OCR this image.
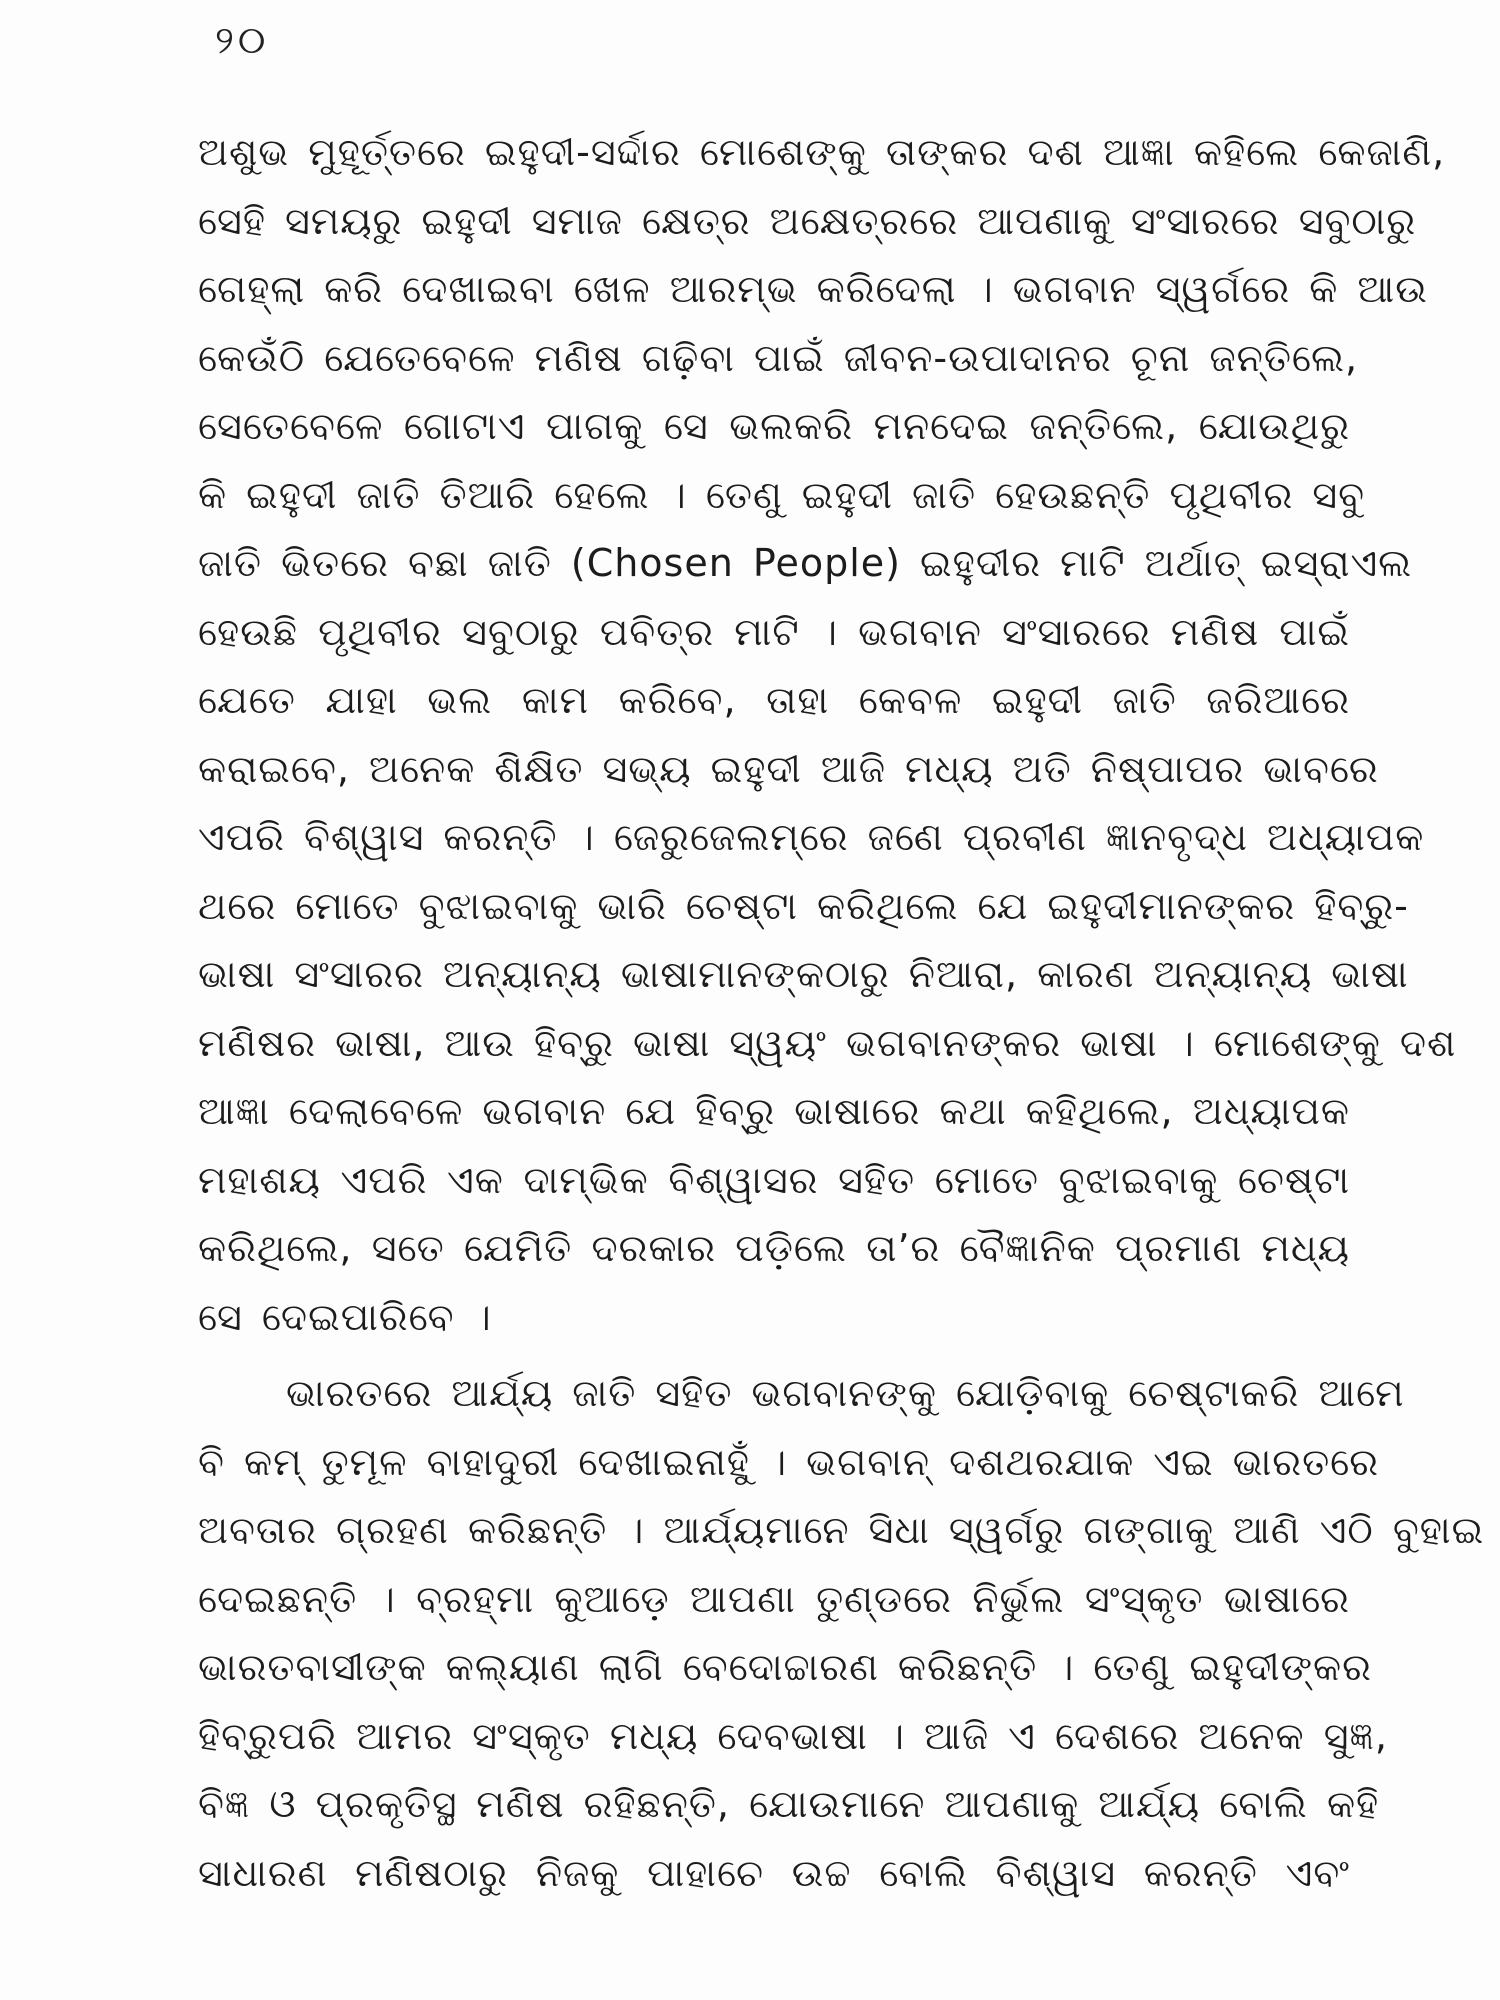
୨୦
ଅଶୁଭ ମୁହୂର୍ତ୍ତରେ ଇହୁଦୀ-ସର୍ଦ୍ଦାର ମୋଶେଙ୍କୁ ତାଙ୍କର ଦଶ ଆଜ୍ଞା କହିଲେ କେଜାଣି,
ସେହି ସମୟରୁ ଇହୁଦୀ ସମାଜ କ୍ଷେତ୍ର ଅକ୍ଷେତ୍ରରେ ଆପଣାକୁ ସଂସାରରେ ସବୁଠାରୁ
ଗେହ୍ଲା କରି ଦେଖାଇବା ଖେଳ ଆରମ୍ଭ କରିଦେଲା । ଭଗବାନ ସ୍ୱର୍ଗରେ କି ଆଉ
କେଉଁଠି ଯେତେବେଳେ ମଣିଷ ଗଢ଼ିବା ପାଇଁ ଜୀବନ-ଉପାଦାନର ଚୂନା ଜନ୍ତିଲେ,
ସେତେବେଳେ ଗୋଟାଏ ପାଗକୁ ସେ ଭଲକରି ମନଦେଇ ଜନ୍ତିଲେ, ଯୋଉଥିରୁ
କି ଇହୁଦୀ ଜାତି ତିଆରି ହେଲେ । ତେଣୁ ଇହୁଦୀ ଜାତି ହେଉଛନ୍ତି ପୃଥିବୀର ସବୁ
ଜାତି ଭିତରେ ବଛା ଜାତି (Chosen People) ଇହୁଦୀର ମାଟି ଅର୍ଥାତ୍ ଇସ୍ରାଏଲ
ହେଉଛି ପୃଥିବୀର ସବୁଠାରୁ ପବିତ୍ର ମାଟି । ଭଗବାନ ସଂସାରରେ ମଣିଷ ପାଇଁ
ଯେତେ ଯାହା ଭଲ କାମ କରିବେ, ତାହା କେବଳ ଇହୁଦୀ ଜାତି ଜରିଆରେ
କରାଇବେ, ଅନେକ ଶିକ୍ଷିତ ସଭ୍ୟ ଇହୁଦୀ ଆଜି ମଧ୍ୟ ଅତି ନିଷ୍ପାପର ଭାବରେ
ଏପରି ବିଶ୍ୱାସ କରନ୍ତି । ଜେରୁଜେଲମ୍‌ରେ ଜଣେ ପ୍ରବୀଣ ଜ୍ଞାନବୃଦ୍ଧ ଅଧ୍ୟାପକ
ଥରେ ମୋତେ ବୁଝାଇବାକୁ ଭାରି ଚେଷ୍ଟା କରିଥିଲେ ଯେ ଇହୁଦୀମାନଙ୍କର ହିବ୍ରୁ-
ଭାଷା ସଂସାରର ଅନ୍ୟାନ୍ୟ ଭାଷାମାନଙ୍କଠାରୁ ନିଆରା, କାରଣ ଅନ୍ୟାନ୍ୟ ଭାଷା
ମଣିଷର ଭାଷା, ଆଉ ହିବ୍ରୁ ଭାଷା ସ୍ୱୟଂ ଭଗବାନଙ୍କର ଭାଷା । ମୋଶେଙ୍କୁ ଦଶ
ଆଜ୍ଞା ଦେଲାବେଳେ ଭଗବାନ ଯେ ହିବ୍ରୁ ଭାଷାରେ କଥା କହିଥିଲେ, ଅଧ୍ୟାପକ
ମହାଶୟ ଏପରି ଏକ ଦାମ୍ଭିକ ବିଶ୍ୱାସର ସହିତ ମୋତେ ବୁଝାଇବାକୁ ଚେଷ୍ଟା
କରିଥିଲେ, ସତେ ଯେମିତି ଦରକାର ପଡ଼ିଲେ ତା’ର ବୈଜ୍ଞାନିକ ପ୍ରମାଣ ମଧ୍ୟ
ସେ ଦେଇପାରିବେ ।
ଭାରତରେ ଆର୍ଯ୍ୟ ଜାତି ସହିତ ଭଗବାନଙ୍କୁ ଯୋଡ଼ିବାକୁ ଚେଷ୍ଟାକରି ଆମେ
ବି କମ୍ ତୁମୂଳ ବାହାଦୁରୀ ଦେଖାଇନାହୁଁ । ଭଗବାନ୍ ଦଶଥରଯାକ ଏଇ ଭାରତରେ
ଅବତାର ଗ୍ରହଣ କରିଛନ୍ତି । ଆର୍ଯ୍ୟମାନେ ସିଧା ସ୍ୱର୍ଗରୁ ଗଙ୍ଗାକୁ ଆଣି ଏଠି ବୁହାଇ
ଦେଇଛନ୍ତି । ବ୍ରହ୍ମା କୁଆଡ଼େ ଆପଣା ତୁଣ୍ଡରେ ନିର୍ଭୁଲ ସଂସ୍କୃତ ଭାଷାରେ
ଭାରତବାସୀଙ୍କ କଲ୍ୟାଣ ଲାଗି ବେଦୋଚ୍ଚାରଣ କରିଛନ୍ତି । ତେଣୁ ଇହୁଦୀଙ୍କର
ହିବ୍ରୁପରି ଆମର ସଂସ୍କୃତ ମଧ୍ୟ ଦେବଭାଷା । ଆଜି ଏ ଦେଶରେ ଅନେକ ସୁଜ୍ଞ,
ବିଜ୍ଞ ଓ ପ୍ରକୃତିସ୍ଥ ମଣିଷ ରହିଛନ୍ତି, ଯୋଉମାନେ ଆପଣାକୁ ଆର୍ଯ୍ୟ ବୋଲି କହି
ସାଧାରଣ ମଣିଷଠାରୁ ନିଜକୁ ପାହାଚେ ଉଚ୍ଚ ବୋଲି ବିଶ୍ୱାସ କରନ୍ତି ଏବଂ
